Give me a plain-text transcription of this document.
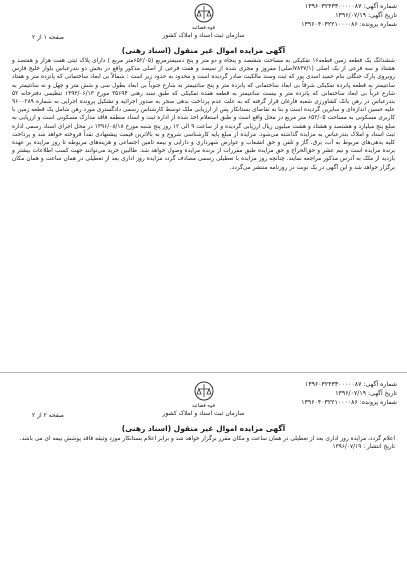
شماره آگهی: ۱۳۹۶۰۳۲۴۳۳۰۰۰۰۰۸۷
تاریخ آگهی: ۱۳۹۶/۰۷/۱۹
شماره پرونده: ۱۳۹۶۰۴۰۳۲۲۱۰۰۰۰۸۶
قوه قضائیه
سازمان ثبت اسناد و املاک کشور
صفحه ۱ از ۲
آگهی مزایده اموال غیر منقول (اسناد رهنی)
ششدانگ یک قطعه زمین قطعه۱۶ تفکیکی به مساحت ششصد و پنجاه و دو متر و پنج دسیمترمربع (۶۵۲/۰۵متر مربع ) دارای پلاک ثبتی هفت هزار و هفتصد و هشتاد و سه فرعی از یک اصلی (۷۸۳۷/۱اصلی) مفروز و مجزی شده از سیصد و هفت فرعی از اصلی مذکور واقع در بخش دو بندرعباس بلوار خلیج فارس روبروی پارک جنگلی بنام حمید اسدی پور که ثبت وسند مالکیت صادر گردیده است و محدود به حدود زیر است : شمالاً بی ابعاد ساختمانی که پانزده متر و هفتاد سانتیمتر به قطعه پانزده تفکیکی شرقاً بی ابعاد ساختمانی که پانزده متر و پنج سانتیمتر به شارع جنوباً بی ابعاد بطول سی و شش متر و چهل و نه سانتیمتر به شارع غرباً بی ابعاد ساختمانی که پانزده متر و بیست سانتیمتر به قطعه هفده تفکیکی که طبق سند رهنی ۳۵۶۹۴ مورخ ۱۳۹۳/۰۶/۱۳ تنظیمی دفترخانه ۵۲ بندرعباس در رهن بانک کشاورزی شعبه فارغان قرار گرفته که به علت عدم پرداخت بدهی منجر به صدور اجرائیه و تشکیل پرونده اجرایی به شماره ۹۶۰۰۲۸۹ علیه حسین اندازه‌ای و سایرین گردیده است و بنا به تقاضای بستانکار پس از ارزیابی ملک توسط کارشناس رسمی دادگستری مورد رهن شامل یک قطعه زمین با کاربری مسکونی به مساحت ۶۵۲/۰۵ متر مربع در محل واقع است و طبق استعلام اخذ شده از اداره ثبت و اسناد منطقه فاقد مدارک مسکونی است و ارزیابی به مبلغ پنج میلیارد و هشتصد و هشتاد و هشت میلیون ریال ارزیابی گردیده و از ساعت ۹ الی ۱۲ روز پنج شنبه مورخ ۱۳۹۶/۰۸/۱۸ در محل اجرای اسناد رسمی اداره ثبت اسناد و املاک بندرعباس به مزایده گذاشته می‌شود. مزایده از مبلغ پایه کارشناسی شروع و به بالاترین قیمت پیشنهادی نقداً فروخته خواهد شد و پرداخت کلیه بدهی‌های مربوط به آب، برق، گاز و تلفن و حق انشعاب و عوارض شهرداری و دارایی و بیمه تامین اجتماعی و هزینه‌های مربوطه تا روز مزایده بر عهده برنده مزایده است و نیم عشر و حق‌الحراج و حق مزایده طبق مقررات از برنده مزایده وصول خواهد شد. طالبین خرید می‌توانند جهت کسب اطلاعات بیشتر و بازدید از ملک به آدرس مذکور مراجعه نمایند. چنانچه روز مزایده با تعطیلی رسمی مصادف گردد مزایده روز اداری بعد از تعطیلی در همان ساعت و همان مکان برگزار خواهد شد و این آگهی در یک نوبت در روزنامه منتشر می‌گردد.
شماره آگهی: ۱۳۹۶۰۳۲۴۳۳۰۰۰۰۰۸۷
تاریخ آگهی: ۱۳۹۶/۰۷/۱۹
شماره پرونده: ۱۳۹۶۰۴۰۳۲۲۱۰۰۰۰۸۶
قوه قضائیه
سازمان ثبت اسناد و املاک کشور
صفحه ۲ از ۲
آگهی مزایده اموال غیر منقول (اسناد رهنی)
اعلام گردد، مزایده روز اداری بعد از تعطیلی در همان ساعت و مکان مقرر برگزار خواهد شد و برابر اعلام بستانکار مورد وثیقه فاقد پوشش بیمه ای می باشد.
تاریخ انتشار : ۱۳۹۶/۰۷/۱۹
